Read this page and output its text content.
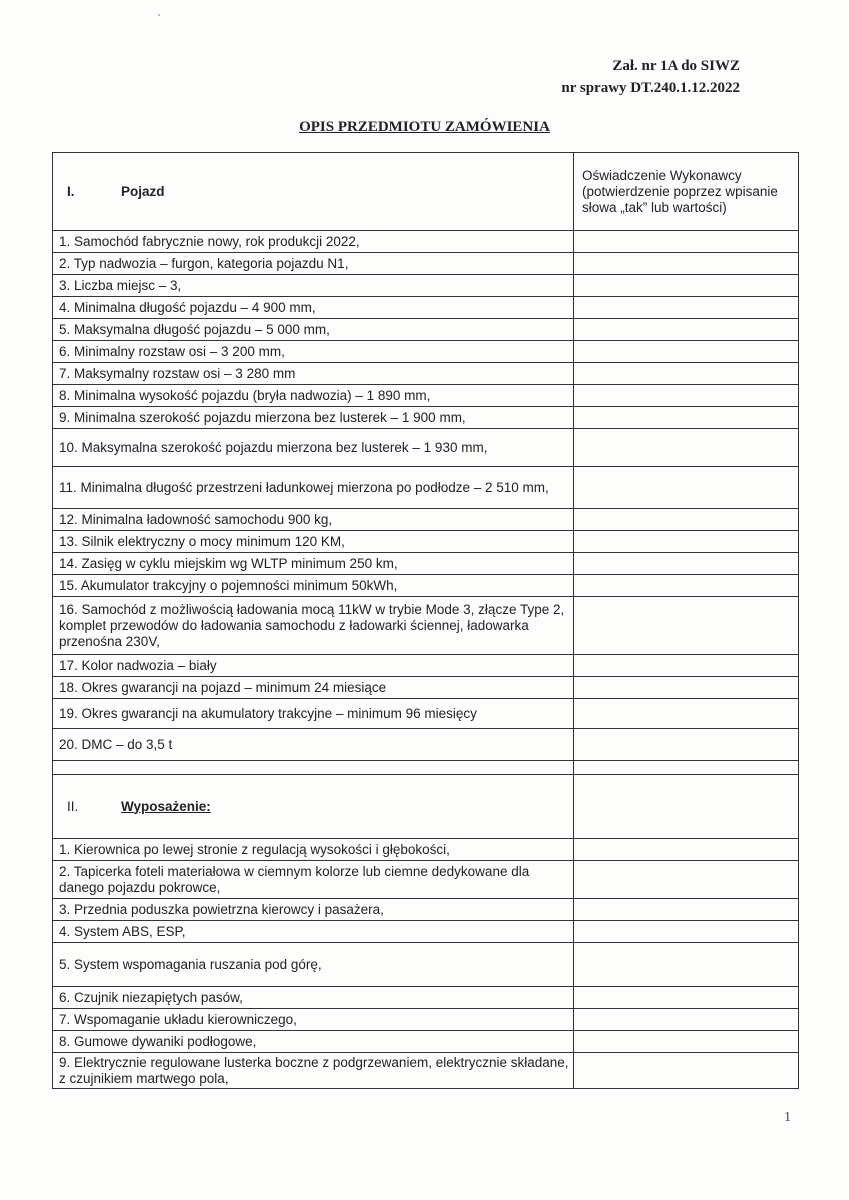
Zał. nr 1A do SIWZ
nr sprawy DT.240.1.12.2022
OPIS PRZEDMIOTU ZAMÓWIENIA
I. Pojazd	Oświadczenie Wykonawcy (potwierdzenie poprzez wpisanie słowa „tak” lub wartości)

1. Samochód fabrycznie nowy, rok produkcji 2022,	
2. Typ nadwozia – furgon, kategoria pojazdu N1,	
3. Liczba miejsc – 3,	
4. Minimalna długość pojazdu – 4 900 mm,	
5. Maksymalna długość pojazdu – 5 000 mm,	
6. Minimalny rozstaw osi – 3 200 mm,	
7. Maksymalny rozstaw osi – 3 280 mm	
8. Minimalna wysokość pojazdu (bryła nadwozia) – 1 890 mm,	
9. Minimalna szerokość pojazdu mierzona bez lusterek – 1 900 mm,	
10. Maksymalna szerokość pojazdu mierzona bez lusterek – 1 930 mm,	
11. Minimalna długość przestrzeni ładunkowej mierzona po podłodze – 2 510 mm,	
12. Minimalna ładowność samochodu 900 kg,	
13. Silnik elektryczny o mocy minimum 120 KM,	
14. Zasięg w cyklu miejskim wg WLTP minimum 250 km,	
15. Akumulator trakcyjny o pojemności minimum 50kWh,	
16. Samochód z możliwością ładowania mocą 11kW w trybie Mode 3, złącze Type 2, komplet przewodów do ładowania samochodu z ładowarki ściennej, ładowarka przenośna 230V,	
17. Kolor nadwozia – biały	
18. Okres gwarancji na pojazd – minimum 24 miesiące	
19. Okres gwarancji na akumulatory trakcyjne – minimum 96 miesięcy	
20. DMC – do 3,5 t	

II. Wyposażenie:	

1. Kierownica po lewej stronie z regulacją wysokości i głębokości,	
2. Tapicerka foteli materiałowa w ciemnym kolorze lub ciemne dedykowane dla danego pojazdu pokrowce,	
3. Przednia poduszka powietrzna kierowcy i pasażera,	
4. System ABS, ESP,	
5. System wspomagania ruszania pod górę,	
6. Czujnik niezapiętych pasów,	
7. Wspomaganie układu kierowniczego,	
8. Gumowe dywaniki podłogowe,	
9. Elektrycznie regulowane lusterka boczne z podgrzewaniem, elektrycznie składane, z czujnikiem martwego pola,	
1
